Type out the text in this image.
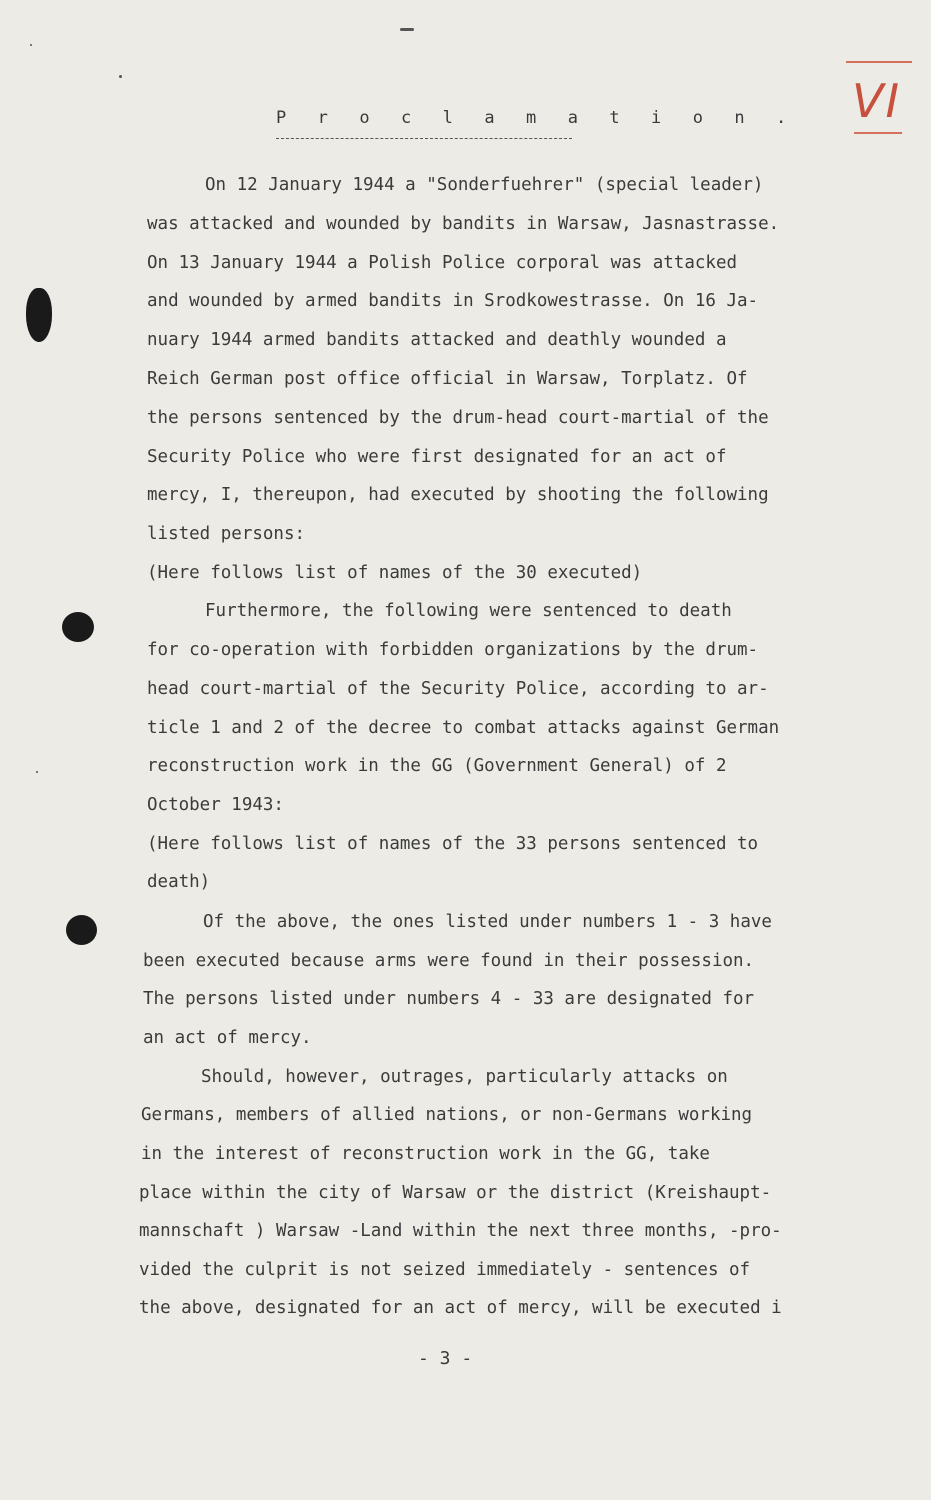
VI
P r o c l a m a t i o n .
On 12 January 1944 a "Sonderfuehrer" (special leader)
was attacked and wounded by bandits in Warsaw, Jasnastrasse.
On 13 January 1944 a Polish Police corporal was attacked
and wounded by armed bandits in Srodkowestrasse. On 16 Ja-
nuary 1944 armed bandits attacked and deathly wounded a
Reich German post office official in Warsaw, Torplatz. Of
the persons sentenced by the drum-head court-martial of the
Security Police who were first designated for an act of
mercy, I, thereupon, had executed by shooting the following
listed persons:
(Here follows list of names of the 30 executed)
Furthermore, the following were sentenced to death
for co-operation with forbidden organizations by the drum-
head court-martial of the Security Police, according to ar-
ticle 1 and 2 of the decree to combat attacks against German
reconstruction work in the GG (Government General) of 2
October 1943:
(Here follows list of names of the 33 persons sentenced to
death)
Of the above, the ones listed under numbers 1 - 3 have
been executed because arms were found in their possession.
The persons listed under numbers 4 - 33 are designated for
an act of mercy.
Should, however, outrages, particularly attacks on
Germans, members of allied nations, or non-Germans working
in the interest of reconstruction work in the GG, take
place within the city of Warsaw or the district (Kreishaupt-
mannschaft ) Warsaw -Land within the next three months, -pro-
vided the culprit is not seized immediately - sentences of
the above, designated for an act of mercy, will be executed i
- 3 -
